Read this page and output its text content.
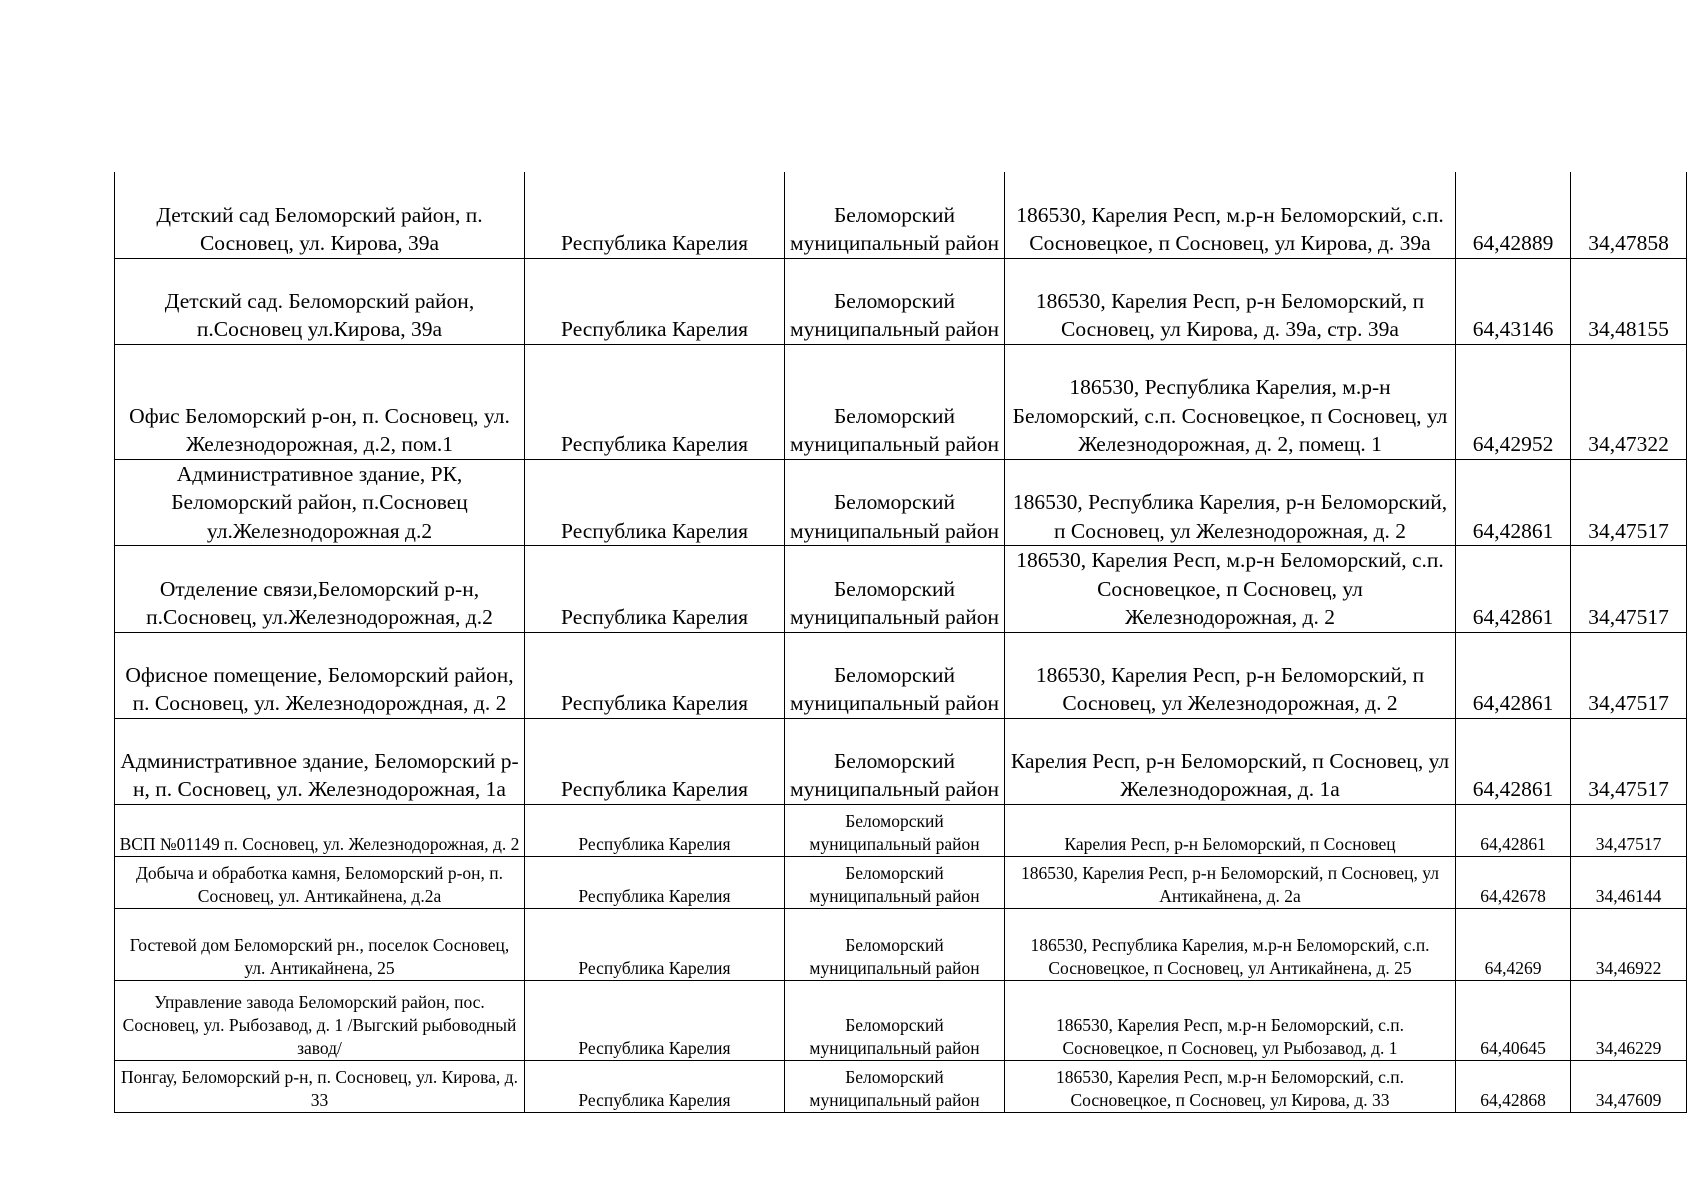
Детский сад Беломорский район, п. Сосновец, ул. Кирова, 39а	Республика Карелия	Беломорский муниципальный район	186530, Карелия Респ, м.р-н Беломорский, с.п. Сосновецкое, п Сосновец, ул Кирова, д. 39а	64,42889	34,47858
Детский сад. Беломорский район, п.Сосновец ул.Кирова, 39а	Республика Карелия	Беломорский муниципальный район	186530, Карелия Респ, р-н Беломорский, п Сосновец, ул Кирова, д. 39а, стр. 39а	64,43146	34,48155
Офис Беломорский р-он, п. Сосновец, ул. Железнодорожная, д.2, пом.1	Республика Карелия	Беломорский муниципальный район	186530, Республика Карелия, м.р-н Беломорский, с.п. Сосновецкое, п Сосновец, ул Железнодорожная, д. 2, помещ. 1	64,42952	34,47322
Административное здание, РК, Беломорский район, п.Сосновец ул.Железнодорожная д.2	Республика Карелия	Беломорский муниципальный район	186530, Республика Карелия, р-н Беломорский, п Сосновец, ул Железнодорожная, д. 2	64,42861	34,47517
Отделение связи,Беломорский р-н, п.Сосновец, ул.Железнодорожная, д.2	Республика Карелия	Беломорский муниципальный район	186530, Карелия Респ, м.р-н Беломорский, с.п. Сосновецкое, п Сосновец, ул Железнодорожная, д. 2	64,42861	34,47517
Офисное помещение, Беломорский район, п. Сосновец, ул. Железнодорождная, д. 2	Республика Карелия	Беломорский муниципальный район	186530, Карелия Респ, р-н Беломорский, п Сосновец, ул Железнодорожная, д. 2	64,42861	34,47517
Административное здание, Беломорский р-н, п. Сосновец, ул. Железнодорожная, 1а	Республика Карелия	Беломорский муниципальный район	Карелия Респ, р-н Беломорский, п Сосновец, ул Железнодорожная, д. 1а	64,42861	34,47517
ВСП №01149 п. Сосновец, ул. Железнодорожная, д. 2	Республика Карелия	Беломорский муниципальный район	Карелия Респ, р-н Беломорский, п Сосновец	64,42861	34,47517
Добыча и обработка камня, Беломорский р-он, п. Сосновец, ул. Антикайнена, д.2а	Республика Карелия	Беломорский муниципальный район	186530, Карелия Респ, р-н Беломорский, п Сосновец, ул Антикайнена, д. 2а	64,42678	34,46144
Гостевой дом Беломорский рн., поселок Сосновец, ул. Антикайнена, 25	Республика Карелия	Беломорский муниципальный район	186530, Республика Карелия, м.р-н Беломорский, с.п. Сосновецкое, п Сосновец, ул Антикайнена, д. 25	64,4269	34,46922
Управление завода Беломорский район, пос. Сосновец, ул. Рыбозавод, д. 1 /Выгский рыбоводный завод/	Республика Карелия	Беломорский муниципальный район	186530, Карелия Респ, м.р-н Беломорский, с.п. Сосновецкое, п Сосновец, ул Рыбозавод, д. 1	64,40645	34,46229
Понгау, Беломорский р-н, п. Сосновец, ул. Кирова, д. 33	Республика Карелия	Беломорский муниципальный район	186530, Карелия Респ, м.р-н Беломорский, с.п. Сосновецкое, п Сосновец, ул Кирова, д. 33	64,42868	34,47609
